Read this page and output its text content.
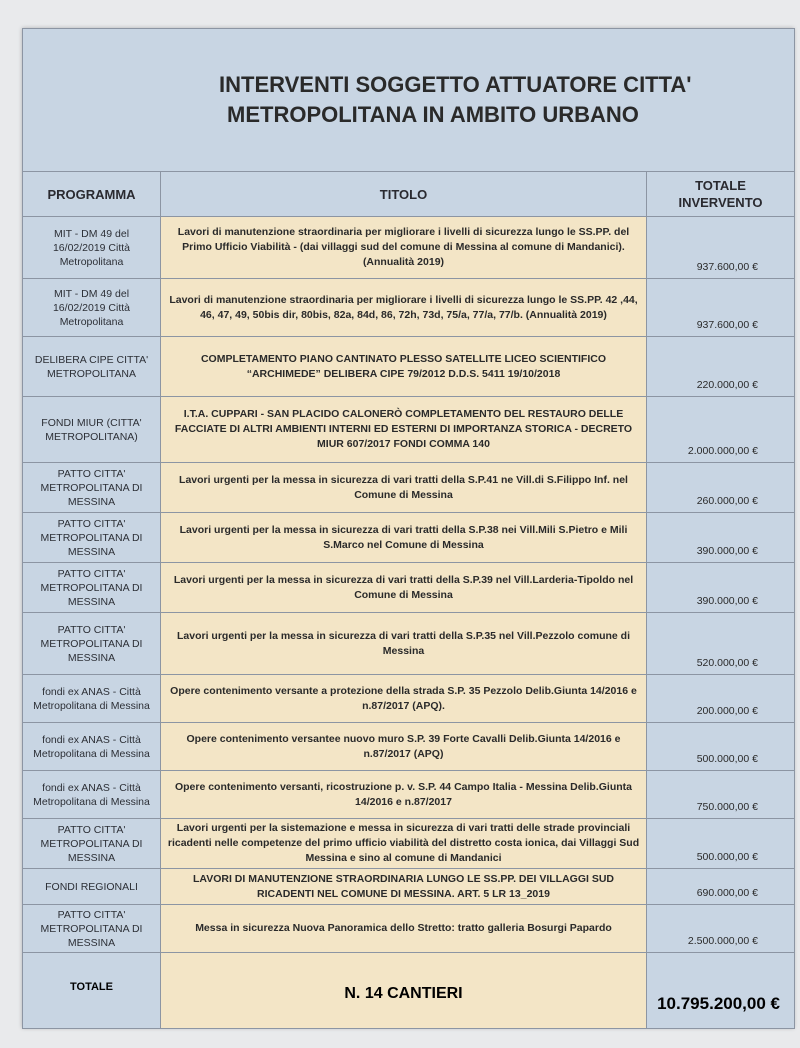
INTERVENTI SOGGETTO ATTUATORE CITTA'
METROPOLITANA IN AMBITO URBANO		

PROGRAMMA	TITOLO	TOTALE
INVERVENTO

MIT - DM 49 del 16/02/2019 Città Metropolitana	Lavori di manutenzione straordinaria per migliorare i livelli di sicurezza lungo le SS.PP. del Primo Ufficio Viabilità - (dai villaggi sud del comune di Messina al comune di Mandanici). (Annualità 2019)	937.600,00 €
MIT - DM 49 del 16/02/2019 Città Metropolitana	Lavori di manutenzione straordinaria per migliorare i livelli di sicurezza lungo le SS.PP. 42 ,44, 46, 47, 49, 50bis dir, 80bis, 82a, 84d, 86, 72h, 73d, 75/a, 77/a, 77/b. (Annualità 2019)	937.600,00 €
DELIBERA CIPE CITTA' METROPOLITANA	COMPLETAMENTO PIANO CANTINATO PLESSO SATELLITE LICEO SCIENTIFICO “ARCHIMEDE” DELIBERA CIPE 79/2012 D.D.S. 5411 19/10/2018	220.000,00 €
FONDI MIUR (CITTA' METROPOLITANA)	I.T.A. CUPPARI - SAN PLACIDO CALONERÒ COMPLETAMENTO DEL RESTAURO DELLE FACCIATE DI ALTRI AMBIENTI INTERNI ED ESTERNI DI IMPORTANZA STORICA - DECRETO MIUR 607/2017 FONDI COMMA 140	2.000.000,00 €
PATTO CITTA' METROPOLITANA DI MESSINA	Lavori urgenti per la messa in sicurezza di vari tratti della S.P.41 ne Vill.di S.Filippo Inf. nel Comune di Messina	260.000,00 €
PATTO CITTA' METROPOLITANA DI MESSINA	Lavori urgenti per la messa in sicurezza di vari tratti della S.P.38 nei Vill.Mili S.Pietro e Mili S.Marco nel Comune di Messina	390.000,00 €
PATTO CITTA' METROPOLITANA DI MESSINA	Lavori urgenti per la messa in sicurezza di vari tratti della S.P.39 nel Vill.Larderia-Tipoldo nel Comune di Messina	390.000,00 €
PATTO CITTA' METROPOLITANA DI MESSINA	Lavori urgenti per la messa in sicurezza di vari tratti della S.P.35 nel Vill.Pezzolo comune di Messina	520.000,00 €
fondi ex ANAS - Città Metropolitana di Messina	Opere contenimento versante a protezione della strada S.P. 35 Pezzolo Delib.Giunta 14/2016 e n.87/2017 (APQ).	200.000,00 €
fondi ex ANAS - Città Metropolitana di Messina	Opere contenimento versantee nuovo muro S.P. 39 Forte Cavalli Delib.Giunta 14/2016 e n.87/2017 (APQ)	500.000,00 €
fondi ex ANAS - Città Metropolitana di Messina	Opere contenimento versanti, ricostruzione p. v. S.P. 44 Campo Italia - Messina Delib.Giunta 14/2016 e n.87/2017	750.000,00 €
PATTO CITTA' METROPOLITANA DI MESSINA	Lavori urgenti per la sistemazione e messa in sicurezza di vari tratti delle strade provinciali ricadenti nelle competenze del primo ufficio viabilità del distretto costa ionica, dai Villaggi Sud Messina e sino al comune di Mandanici	500.000,00 €
FONDI REGIONALI	LAVORI DI MANUTENZIONE STRAORDINARIA LUNGO LE SS.PP. DEI VILLAGGI SUD RICADENTI NEL COMUNE DI MESSINA. ART. 5 LR 13_2019	690.000,00 €
PATTO CITTA' METROPOLITANA DI MESSINA	Messa in sicurezza Nuova Panoramica dello Stretto: tratto galleria Bosurgi Papardo	2.500.000,00 €
TOTALE	N. 14 CANTIERI	10.795.200,00 €
